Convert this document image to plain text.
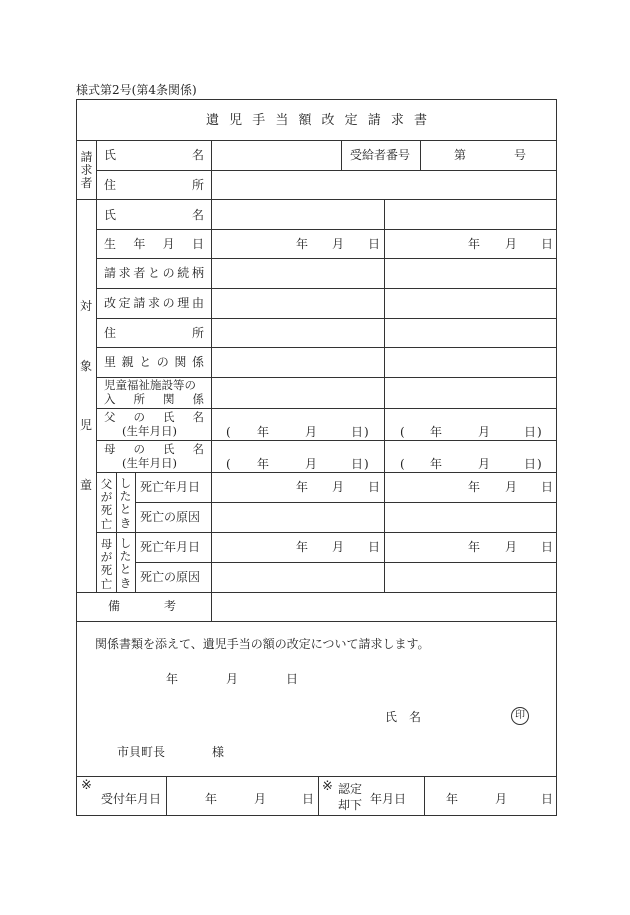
様式第2号(第4条関係)
遺 児 手 当 額 改 定 請 求 書
請
求
者
氏	名	受給者番号	第	号
住	所
対
象
児
童
氏	名
生 年 月 日	年 月 日	年 月 日
請 求 者 と の 続 柄
改 定 請 求 の 理 由
住	所
里 親 と の 関 係
児童福祉施設等の
入 所 関 係
父 の 氏 名
(生年月日)	( 年	月	日 )	( 年	月	日 )
母 の 氏 名
(生年月日)	( 年	月	日 )	( 年	月	日 )
父
が
死
亡
し
た
と
き
死亡年月日	年 月 日	年 月 日
死亡の原因
母
が
死
亡
し
た
と
き
死亡年月日	年 月 日	年 月 日
死亡の原因
備	考
関係書類を添えて、遺児手当の額の改定について請求します。
年	月	日
氏 名	印
市貝町長	様
※
受付年月日	年	月	日
※ 認定
却下 年月日	年	月	日
